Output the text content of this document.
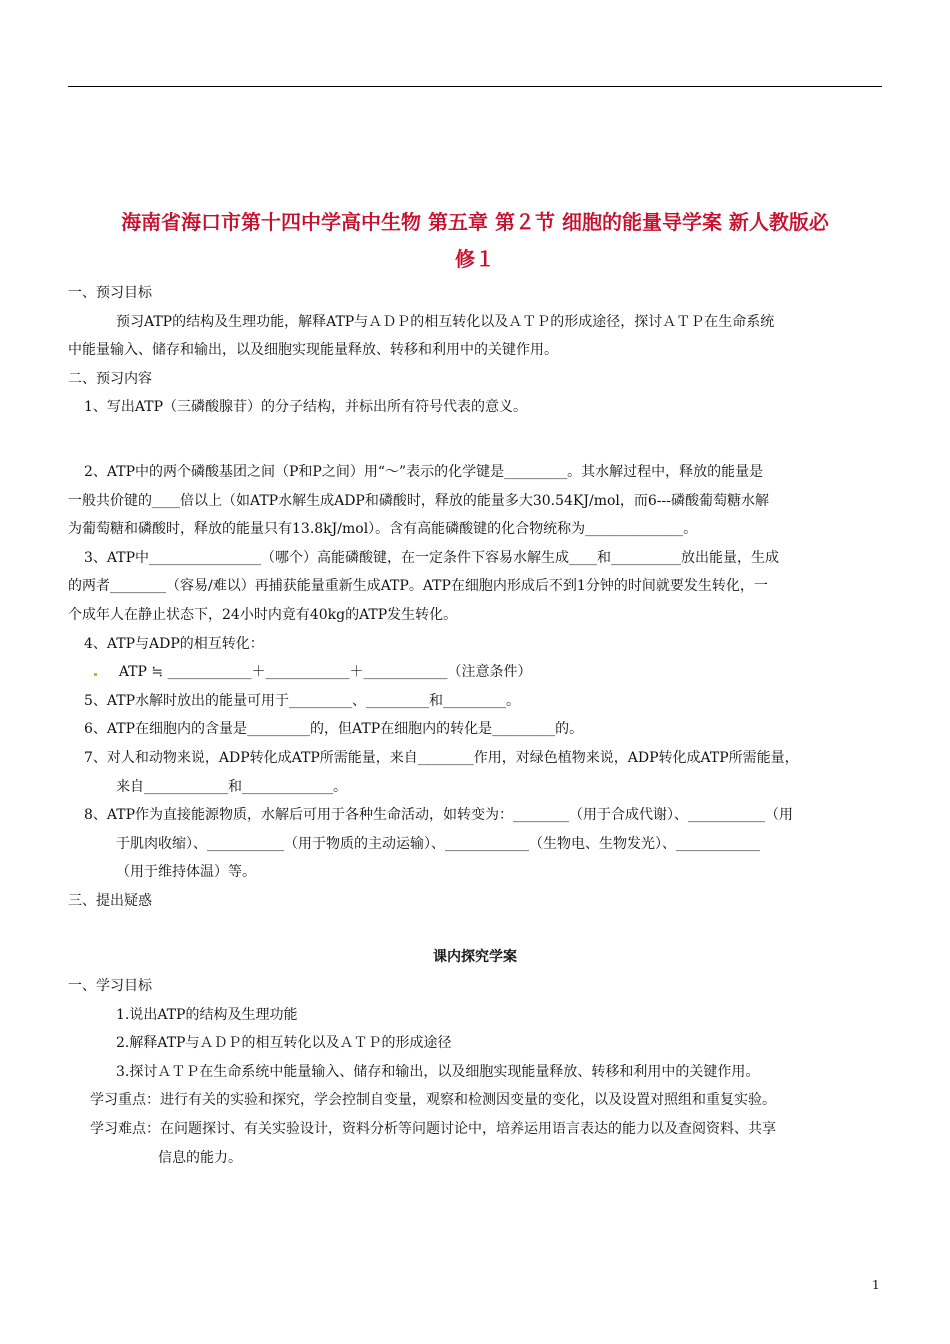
海南省海口市第十四中学高中生物 第五章 第２节 细胞的能量导学案 新人教版必
修１
一、预习目标
预习ATP的结构及生理功能，解释ATP与ＡＤＰ的相互转化以及ＡＴＰ的形成途径，探讨ＡＴＰ在生命系统
中能量输入、储存和输出，以及细胞实现能量释放、转移和利用中的关键作用。
二、预习内容
1、写出ATP（三磷酸腺苷）的分子结构，并标出所有符号代表的意义。
2、ATP中的两个磷酸基团之间（P和P之间）用“～”表示的化学键是_________。其水解过程中，释放的能量是
一般共价键的____倍以上（如ATP水解生成ADP和磷酸时，释放的能量多大30.54KJ/mol，而6---磷酸葡萄糖水解
为葡萄糖和磷酸时，释放的能量只有13.8kJ/mol）。含有高能磷酸键的化合物统称为______________。
3、ATP中________________（哪个）高能磷酸键，在一定条件下容易水解生成____和__________放出能量，生成
的两者________（容易/难以）再捕获能量重新生成ATP。ATP在细胞内形成后不到1分钟的时间就要发生转化，一
个成年人在静止状态下，24小时内竟有40kg的ATP发生转化。
4、ATP与ADP的相互转化：
ATP ≒ ____________＋____________＋____________（注意条件）
5、ATP水解时放出的能量可用于_________、_________和_________。
6、ATP在细胞内的含量是_________的，但ATP在细胞内的转化是_________的。
7、对人和动物来说，ADP转化成ATP所需能量，来自________作用，对绿色植物来说，ADP转化成ATP所需能量，
来自____________和_____________。
8、ATP作为直接能源物质，水解后可用于各种生命活动，如转变为：________（用于合成代谢）、___________（用
于肌肉收缩）、___________（用于物质的主动运输）、____________（生物电、生物发光）、____________
（用于维持体温）等。
三、提出疑惑
课内探究学案
一、学习目标
1.说出ATP的结构及生理功能
2.解释ATP与ＡＤＰ的相互转化以及ＡＴＰ的形成途径
3.探讨ＡＴＰ在生命系统中能量输入、储存和输出，以及细胞实现能量释放、转移和利用中的关键作用。
学习重点：进行有关的实验和探究，学会控制自变量，观察和检测因变量的变化，以及设置对照组和重复实验。
学习难点：在问题探讨、有关实验设计，资料分析等问题讨论中，培养运用语言表达的能力以及查阅资料、共享
信息的能力。
1
